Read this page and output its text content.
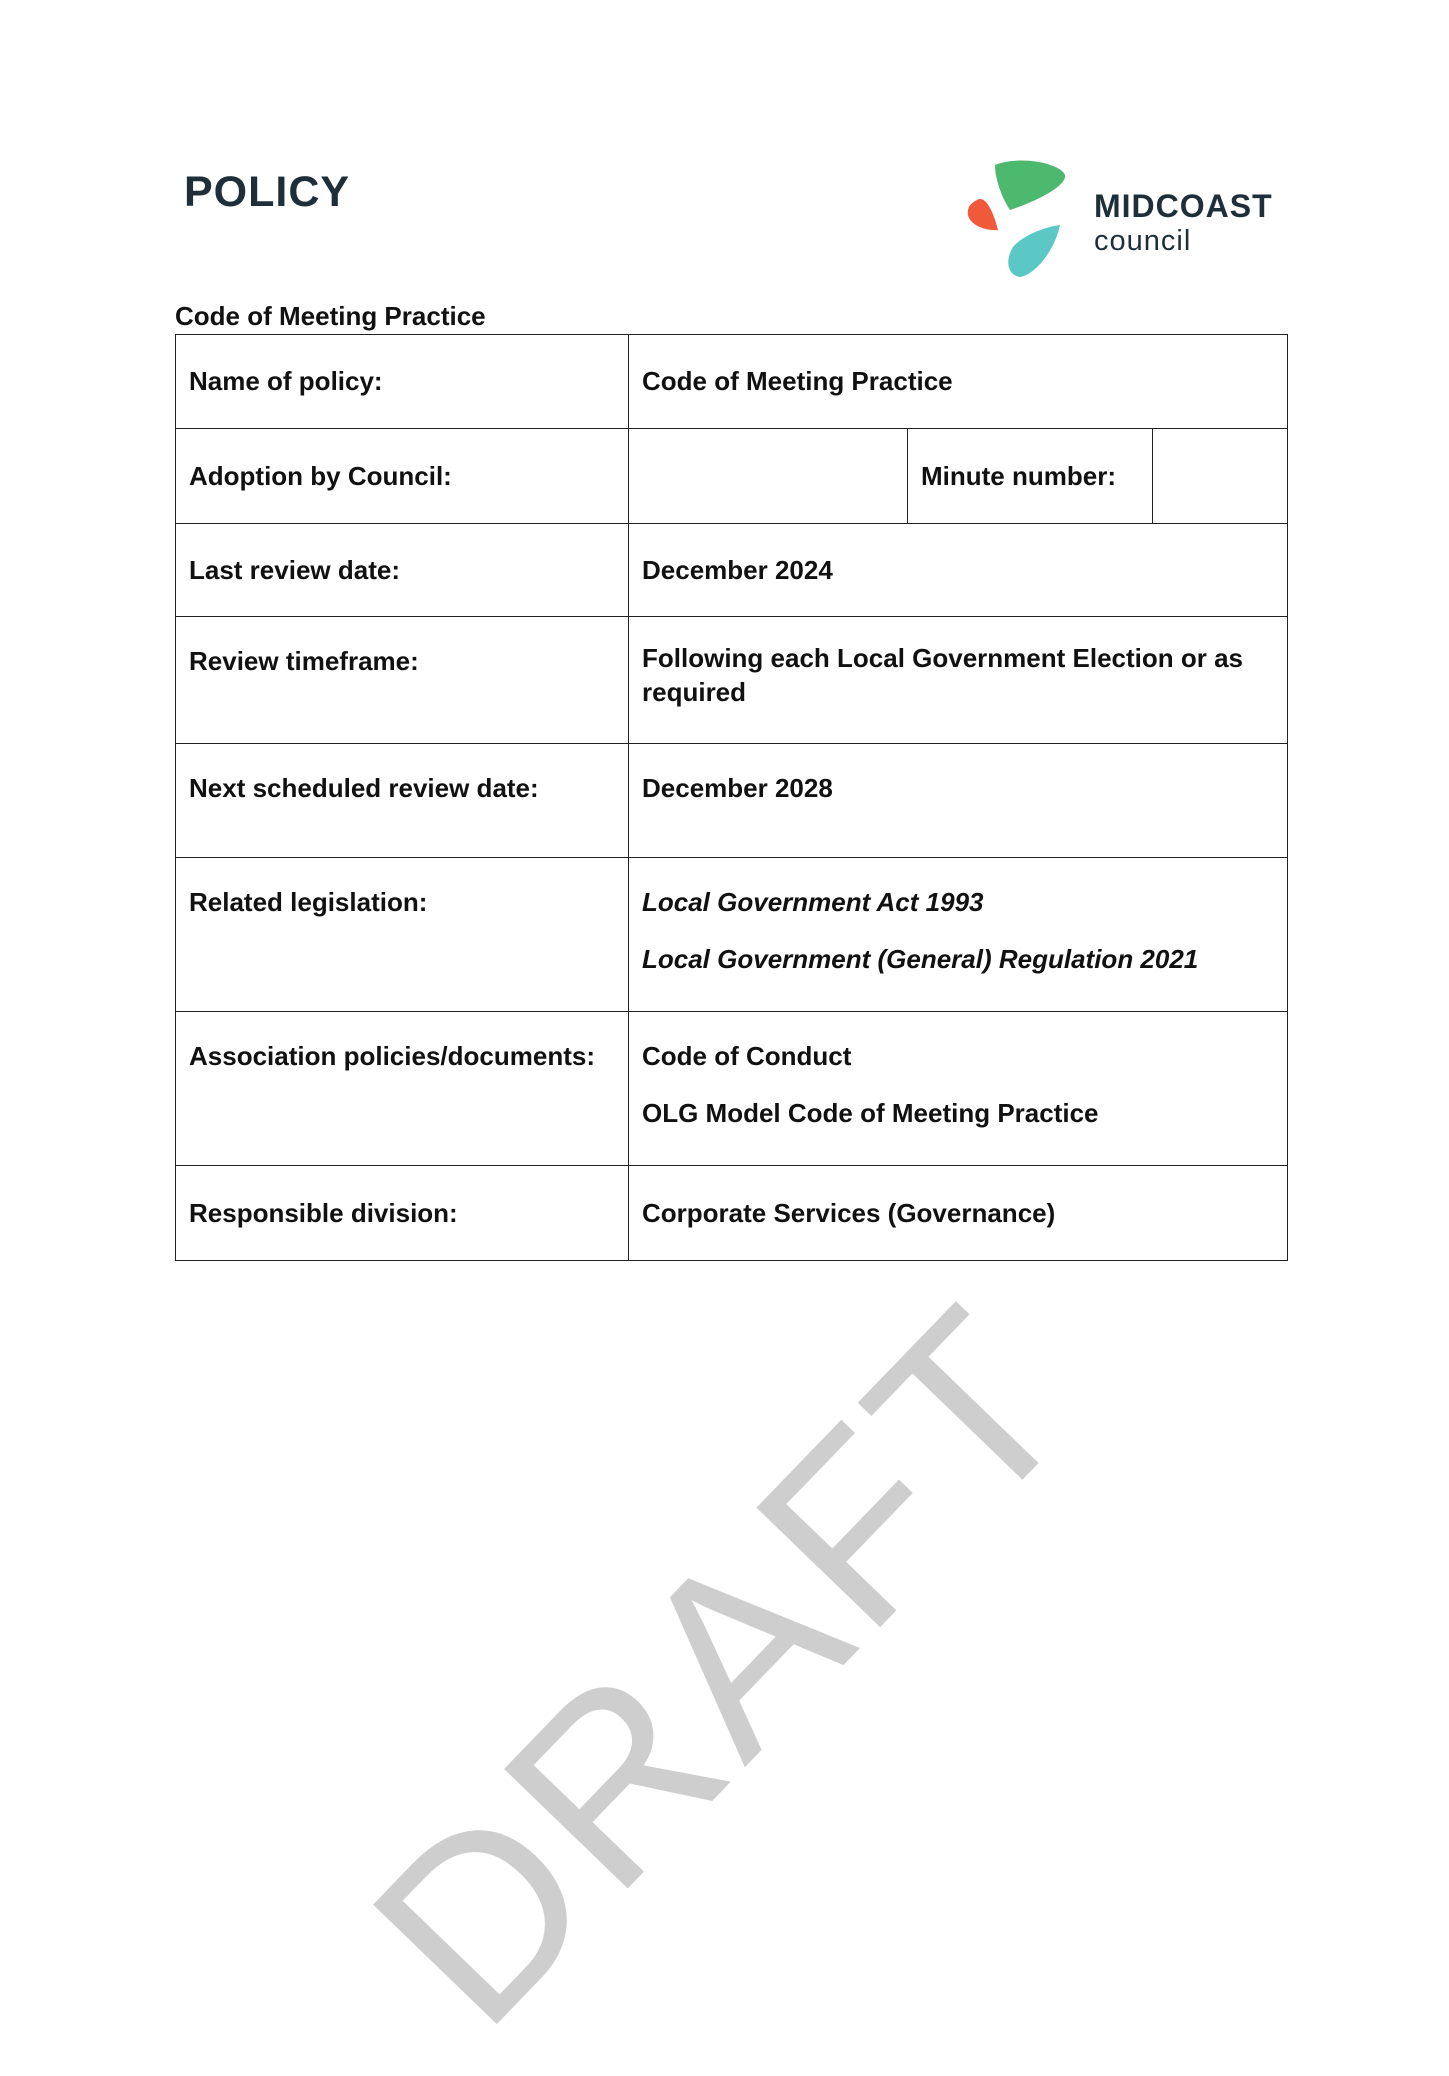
POLICY	MIDCOAST
council
Code of Meeting Practice
Name of policy:	Code of Meeting Practice		
Adoption by Council:		Minute number:	
Last review date:	December 2024		
Review timeframe:	Following each Local Government Election or as required		
Next scheduled review date:	December 2028		
Related legislation:	Local Government Act 1993

Local Government (General) Regulation 2021		

Association policies/documents:	Code of Conduct

OLG Model Code of Meeting Practice		

Responsible division:	Corporate Services (Governance)		
DRAFT
